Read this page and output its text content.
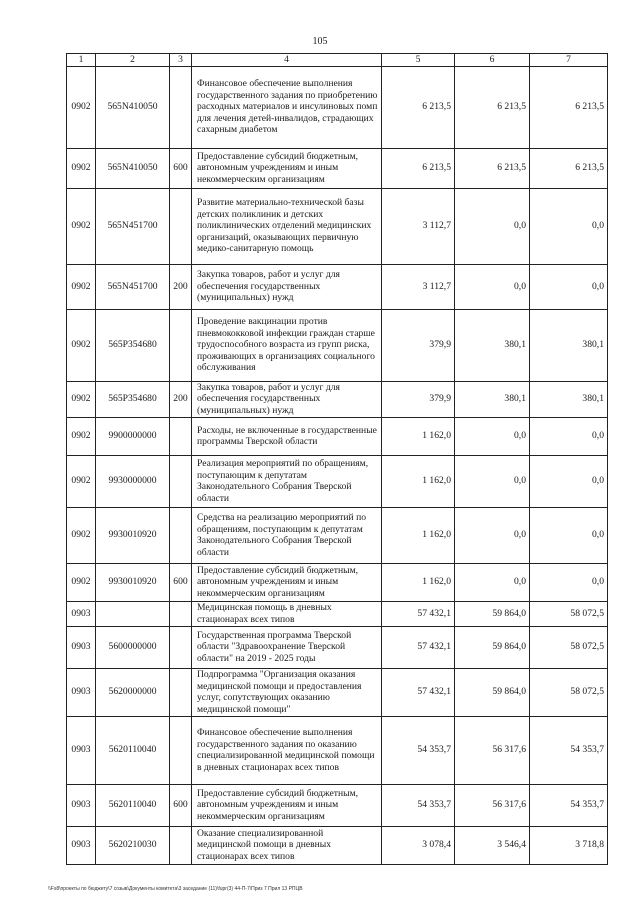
105
1	2	3	4	5	6	7
0902	565N410050		Финансовое обеспечение выполнения государственного задания по приобретению расходных материалов и инсулиновых помп для лечения детей-инвалидов, страдающих сахарным диабетом	6 213,5	6 213,5	6 213,5
0902	565N410050	600	Предоставление субсидий бюджетным, автономным учреждениям и иным некоммерческим организациям	6 213,5	6 213,5	6 213,5
0902	565N451700		Развитие материально-технической базы детских поликлиник и детских поликлинических отделений медицинских организаций, оказывающих первичную медико-санитарную помощь	3 112,7	0,0	0,0
0902	565N451700	200	Закупка товаров, работ и услуг для обеспечения государственных (муниципальных) нужд	3 112,7	0,0	0,0
0902	565P354680		Проведение вакцинации против пневмококковой инфекции граждан старше трудоспособного возраста из групп риска, проживающих в организациях социального обслуживания	379,9	380,1	380,1
0902	565P354680	200	Закупка товаров, работ и услуг для обеспечения государственных (муниципальных) нужд	379,9	380,1	380,1
0902	9900000000		Расходы, не включенные в государственные программы Тверской области	1 162,0	0,0	0,0
0902	9930000000		Реализация мероприятий по обращениям, поступающим к депутатам Законодательного Собрания Тверской области	1 162,0	0,0	0,0
0902	9930010920		Средства на реализацию мероприятий по обращениям, поступающим к депутатам Законодательного Собрания Тверской области	1 162,0	0,0	0,0
0902	9930010920	600	Предоставление субсидий бюджетным, автономным учреждениям и иным некоммерческим организациям	1 162,0	0,0	0,0
0903			Медицинская помощь в дневных стационарах всех типов	57 432,1	59 864,0	58 072,5
0903	5600000000		Государственная программа Тверской области "Здравоохранение Тверской области" на 2019 - 2025 годы	57 432,1	59 864,0	58 072,5
0903	5620000000		Подпрограмма "Организация оказания медицинской помощи и предоставления услуг, сопутствующих оказанию медицинской помощи"	57 432,1	59 864,0	58 072,5
0903	5620110040		Финансовое обеспечение выполнения государственного задания по оказанию специализированной медицинской помощи в дневных стационарах всех типов	54 353,7	56 317,6	54 353,7
0903	5620110040	600	Предоставление субсидий бюджетным, автономным учреждениям и иным некоммерческим организациям	54 353,7	56 317,6	54 353,7
0903	5620210030		Оказание специализированной медицинской помощи в дневных стационарах всех типов	3 078,4	3 546,4	3 718,8
\\Fs8\проекты по бюджету\7 созыв\Документы комитета\3 заседание (11)\fupr(3) 44-П-7\Приз 7 Прил 13 РПЦВ
